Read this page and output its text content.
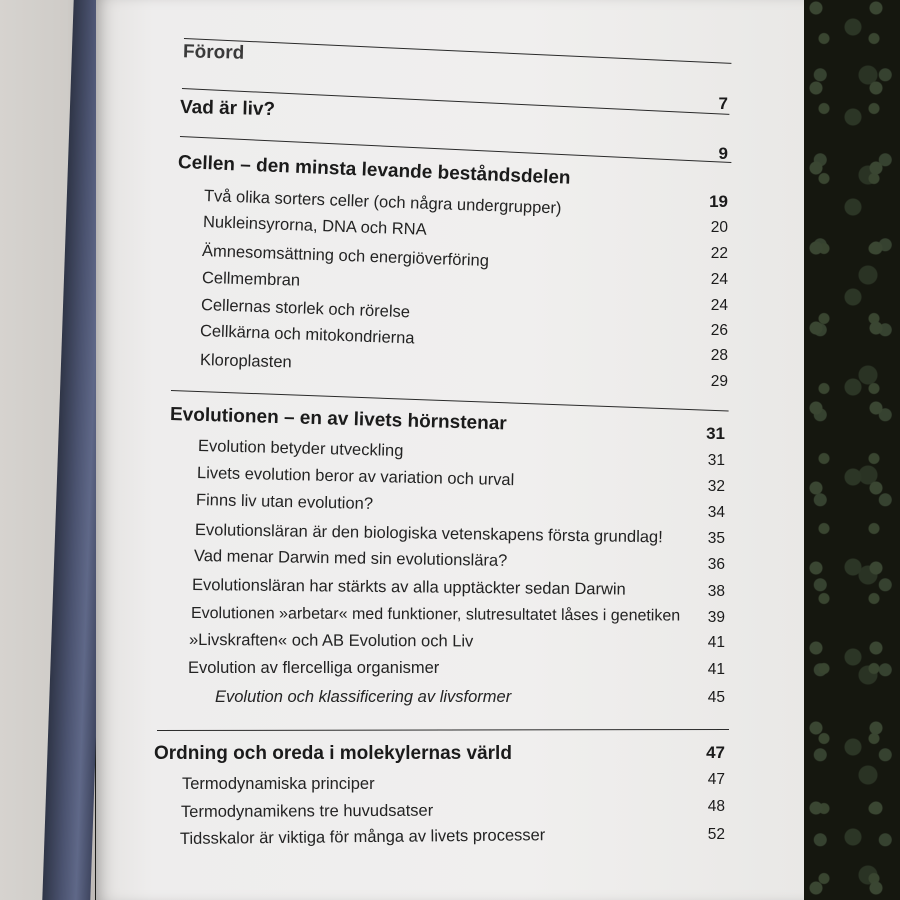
Förord
7
Vad är liv?
9
Cellen – den minsta levande beståndsdelen
19
Två olika sorters celler (och några undergrupper)
20
Nukleinsyrorna, DNA och RNA
22
Ämnesomsättning och energiöverföring
24
Cellmembran
24
Cellernas storlek och rörelse
26
Cellkärna och mitokondrierna
28
Kloroplasten
29
31
Evolutionen – en av livets hörnstenar
31
Evolution betyder utveckling
32
Livets evolution beror av variation och urval
34
Finns liv utan evolution?
35
Evolutionsläran är den biologiska vetenskapens första grundlag!
36
Vad menar Darwin med sin evolutionslära?
38
Evolutionsläran har stärkts av alla upptäckter sedan Darwin
39
Evolutionen »arbetar« med funktioner, slutresultatet låses i genetiken
41
»Livskraften« och AB Evolution och Liv
41
Evolution av flercelliga organismer
45
Evolution och klassificering av livsformer
47
Ordning och oreda i molekylernas värld
47
Termodynamiska principer
48
Termodynamikens tre huvudsatser
52
Tidsskalor är viktiga för många av livets processer
